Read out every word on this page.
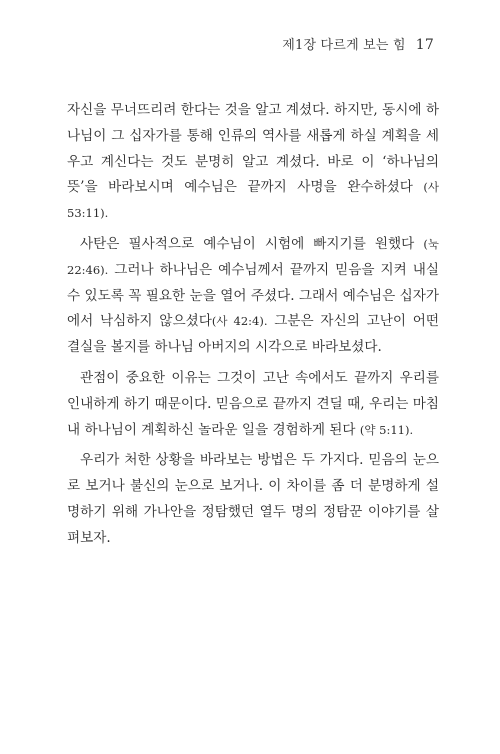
제1장 다르게 보는 힘 17

자신을 무너뜨리려 한다는 것을 알고 계셨다. 하지만, 동시에 하나님이 그 십자가를 통해 인류의 역사를 새롭게 하실 계획을 세우고 계신다는 것도 분명히 알고 계셨다. 바로 이 ‘하나님의 뜻’을 바라보시며 예수님은 끝까지 사명을 완수하셨다 (사 53:11).

사탄은 필사적으로 예수님이 시험에 빠지기를 원했다 (눅 22:46). 그러나 하나님은 예수님께서 끝까지 믿음을 지켜 내실 수 있도록 꼭 필요한 눈을 열어 주셨다. 그래서 예수님은 십자가에서 낙심하지 않으셨다(사 42:4). 그분은 자신의 고난이 어떤 결실을 볼지를 하나님 아버지의 시각으로 바라보셨다.

관점이 중요한 이유는 그것이 고난 속에서도 끝까지 우리를 인내하게 하기 때문이다. 믿음으로 끝까지 견딜 때, 우리는 마침내 하나님이 계획하신 놀라운 일을 경험하게 된다 (약 5:11).

우리가 처한 상황을 바라보는 방법은 두 가지다. 믿음의 눈으로 보거나 불신의 눈으로 보거나. 이 차이를 좀 더 분명하게 설명하기 위해 가나안을 정탐했던 열두 명의 정탐꾼 이야기를 살펴보자.
